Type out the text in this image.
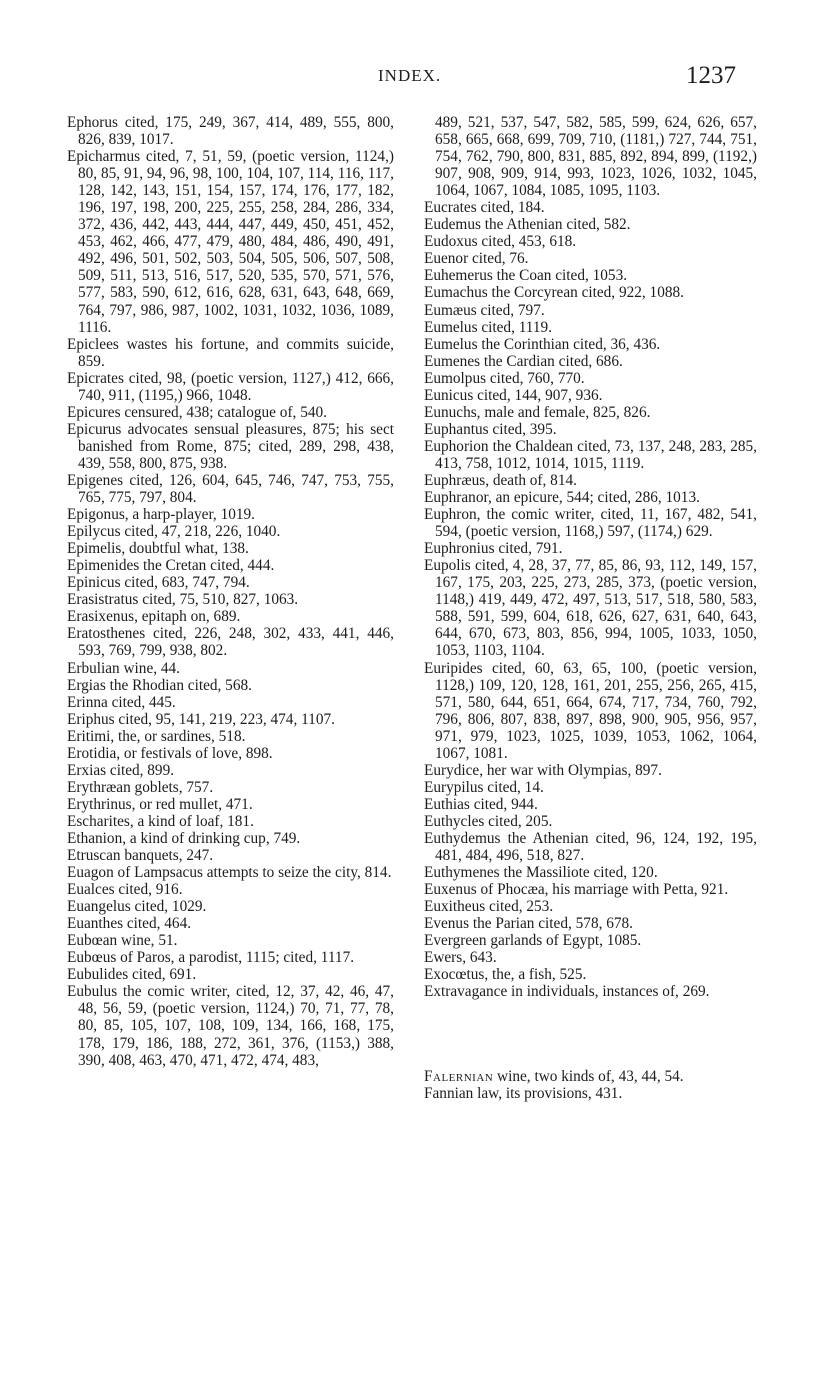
INDEX.	1237

Ephorus cited, 175, 249, 367, 414, 489, 555, 800, 826, 839, 1017.

Epicharmus cited, 7, 51, 59, (poetic version, 1124,) 80, 85, 91, 94, 96, 98, 100, 104, 107, 114, 116, 117, 128, 142, 143, 151, 154, 157, 174, 176, 177, 182, 196, 197, 198, 200, 225, 255, 258, 284, 286, 334, 372, 436, 442, 443, 444, 447, 449, 450, 451, 452, 453, 462, 466, 477, 479, 480, 484, 486, 490, 491, 492, 496, 501, 502, 503, 504, 505, 506, 507, 508, 509, 511, 513, 516, 517, 520, 535, 570, 571, 576, 577, 583, 590, 612, 616, 628, 631, 643, 648, 669, 764, 797, 986, 987, 1002, 1031, 1032, 1036, 1089, 1116.

Epiclees wastes his fortune, and commits suicide, 859.

Epicrates cited, 98, (poetic version, 1127,) 412, 666, 740, 911, (1195,) 966, 1048.

Epicures censured, 438; catalogue of, 540.

Epicurus advocates sensual pleasures, 875; his sect banished from Rome, 875; cited, 289, 298, 438, 439, 558, 800, 875, 938.

Epigenes cited, 126, 604, 645, 746, 747, 753, 755, 765, 775, 797, 804.

Epigonus, a harp-player, 1019.

Epilycus cited, 47, 218, 226, 1040.

Epimelis, doubtful what, 138.

Epimenides the Cretan cited, 444.

Epinicus cited, 683, 747, 794.

Erasistratus cited, 75, 510, 827, 1063.

Erasixenus, epitaph on, 689.

Eratosthenes cited, 226, 248, 302, 433, 441, 446, 593, 769, 799, 938, 802.

Erbulian wine, 44.

Ergias the Rhodian cited, 568.

Erinna cited, 445.

Eriphus cited, 95, 141, 219, 223, 474, 1107.

Eritimi, the, or sardines, 518.

Erotidia, or festivals of love, 898.

Erxias cited, 899.

Erythræan goblets, 757.

Erythrinus, or red mullet, 471.

Escharites, a kind of loaf, 181.

Ethanion, a kind of drinking cup, 749.

Etruscan banquets, 247.

Euagon of Lampsacus attempts to seize the city, 814.

Eualces cited, 916.

Euangelus cited, 1029.

Euanthes cited, 464.

Eubœan wine, 51.

Eubœus of Paros, a parodist, 1115; cited, 1117.

Eubulides cited, 691.

Eubulus the comic writer, cited, 12, 37, 42, 46, 47, 48, 56, 59, (poetic version, 1124,) 70, 71, 77, 78, 80, 85, 105, 107, 108, 109, 134, 166, 168, 175, 178, 179, 186, 188, 272, 361, 376, (1153,) 388, 390, 408, 463, 470, 471, 472, 474, 483,

489, 521, 537, 547, 582, 585, 599, 624, 626, 657, 658, 665, 668, 699, 709, 710, (1181,) 727, 744, 751, 754, 762, 790, 800, 831, 885, 892, 894, 899, (1192,) 907, 908, 909, 914, 993, 1023, 1026, 1032, 1045, 1064, 1067, 1084, 1085, 1095, 1103.

Eucrates cited, 184.

Eudemus the Athenian cited, 582.

Eudoxus cited, 453, 618.

Euenor cited, 76.

Euhemerus the Coan cited, 1053.

Eumachus the Corcyrean cited, 922, 1088.

Eumæus cited, 797.

Eumelus cited, 1119.

Eumelus the Corinthian cited, 36, 436.

Eumenes the Cardian cited, 686.

Eumolpus cited, 760, 770.

Eunicus cited, 144, 907, 936.

Eunuchs, male and female, 825, 826.

Euphantus cited, 395.

Euphorion the Chaldean cited, 73, 137, 248, 283, 285, 413, 758, 1012, 1014, 1015, 1119.

Euphræus, death of, 814.

Euphranor, an epicure, 544; cited, 286, 1013.

Euphron, the comic writer, cited, 11, 167, 482, 541, 594, (poetic version, 1168,) 597, (1174,) 629.

Euphronius cited, 791.

Eupolis cited, 4, 28, 37, 77, 85, 86, 93, 112, 149, 157, 167, 175, 203, 225, 273, 285, 373, (poetic version, 1148,) 419, 449, 472, 497, 513, 517, 518, 580, 583, 588, 591, 599, 604, 618, 626, 627, 631, 640, 643, 644, 670, 673, 803, 856, 994, 1005, 1033, 1050, 1053, 1103, 1104.

Euripides cited, 60, 63, 65, 100, (poetic version, 1128,) 109, 120, 128, 161, 201, 255, 256, 265, 415, 571, 580, 644, 651, 664, 674, 717, 734, 760, 792, 796, 806, 807, 838, 897, 898, 900, 905, 956, 957, 971, 979, 1023, 1025, 1039, 1053, 1062, 1064, 1067, 1081.

Eurydice, her war with Olympias, 897.

Eurypilus cited, 14.

Euthias cited, 944.

Euthycles cited, 205.

Euthydemus the Athenian cited, 96, 124, 192, 195, 481, 484, 496, 518, 827.

Euthymenes the Massiliote cited, 120.

Euxenus of Phocæa, his marriage with Petta, 921.

Euxitheus cited, 253.

Evenus the Parian cited, 578, 678.

Evergreen garlands of Egypt, 1085.

Ewers, 643.

Exocœtus, the, a fish, 525.

Extravagance in individuals, instances of, 269.

Falernian wine, two kinds of, 43, 44, 54.

Fannian law, its provisions, 431.
